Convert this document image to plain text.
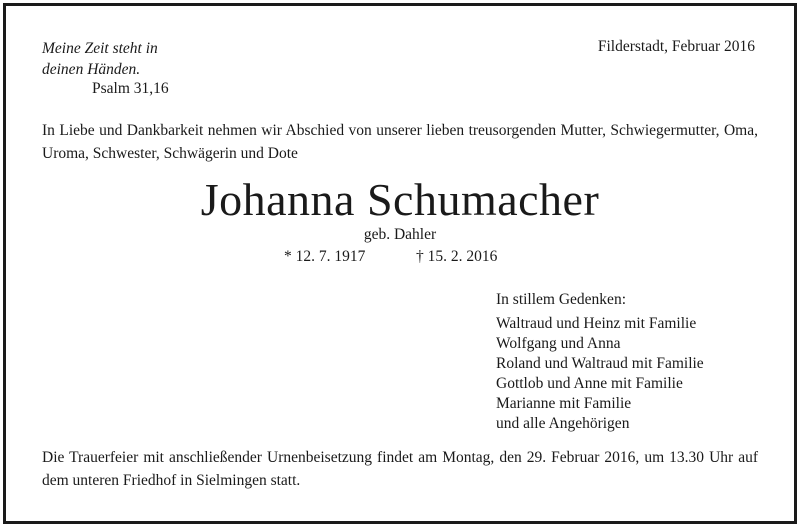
Meine Zeit steht in
deinen Händen.
Psalm 31,16
Filderstadt, Februar 2016
In Liebe und Dankbarkeit nehmen wir Abschied von unserer lieben treusorgenden Mutter, Schwiegermutter, Oma, Uroma, Schwester, Schwägerin und Dote
Johanna Schumacher
geb. Dahler
* 12. 7. 1917	† 15. 2. 2016
In stillem Gedenken:
Waltraud und Heinz mit Familie
Wolfgang und Anna
Roland und Waltraud mit Familie
Gottlob und Anne mit Familie
Marianne mit Familie
und alle Angehörigen
Die Trauerfeier mit anschließender Urnenbeisetzung findet am Montag, den 29. Februar 2016, um 13.30 Uhr auf dem unteren Friedhof in Sielmingen statt.
